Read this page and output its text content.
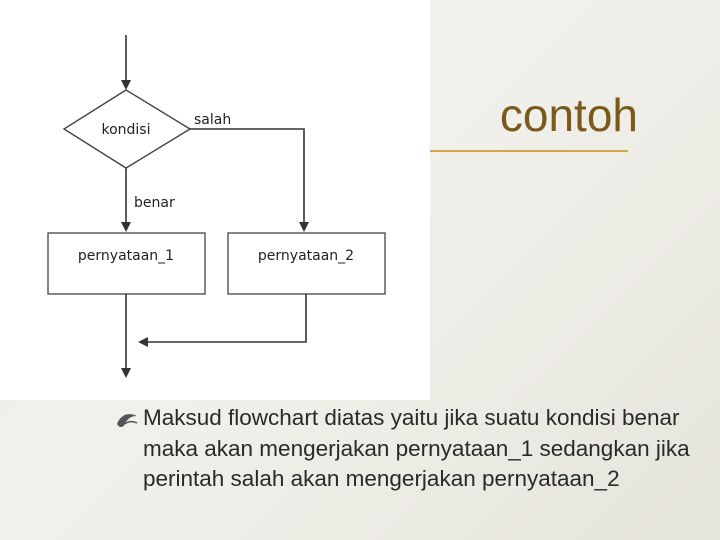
kondisi
salah
benar
pernyataan_1	pernyataan_2
contoh
Maksud flowchart diatas yaitu jika suatu kondisi benar maka akan mengerjakan pernyataan_1 sedangkan jika perintah salah akan mengerjakan pernyataan_2
